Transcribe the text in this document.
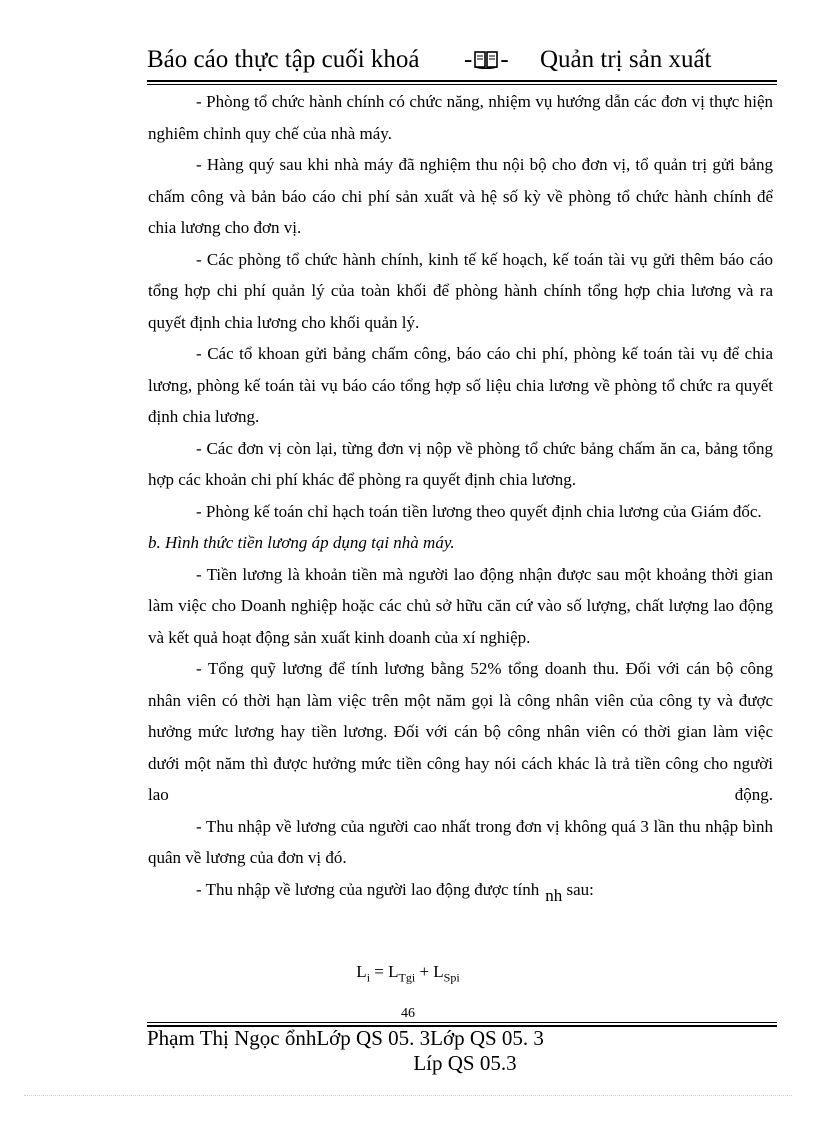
Báo cáo thực tập cuối khoá - - Quản trị sản xuất

- Phòng tổ chức hành chính có chức năng, nhiệm vụ hướng dẫn các đơn vị thực hiện nghiêm chỉnh quy chế của nhà máy.

- Hàng quý sau khi nhà máy đã nghiệm thu nội bộ cho đơn vị, tổ quản trị gửi bảng chấm công và bản báo cáo chi phí sản xuất và hệ số kỳ về phòng tổ chức hành chính để chia lương cho đơn vị.

- Các phòng tổ chức hành chính, kinh tế kế hoạch, kế toán tài vụ gửi thêm báo cáo tổng hợp chi phí quản lý của toàn khối để phòng hành chính tổng hợp chia lương và ra quyết định chia lương cho khối quản lý.

- Các tổ khoan gửi bảng chấm công, báo cáo chi phí, phòng kế toán tài vụ để chia lương, phòng kế toán tài vụ báo cáo tổng hợp số liệu chia lương về phòng tổ chức ra quyết định chia lương.

- Các đơn vị còn lại, từng đơn vị nộp về phòng tổ chức bảng chấm ăn ca, bảng tổng hợp các khoản chi phí khác để phòng ra quyết định chia lương.

- Phòng kế toán chỉ hạch toán tiền lương theo quyết định chia lương của Giám đốc.

b. Hình thức tiền lương áp dụng tại nhà máy.

- Tiền lương là khoản tiền mà người lao động nhận được sau một khoảng thời gian làm việc cho Doanh nghiệp hoặc các chủ sở hữu căn cứ vào số lượng, chất lượng lao động và kết quả hoạt động sản xuất kinh doanh của xí nghiệp.

- Tổng quỹ lương để tính lương bằng 52% tổng doanh thu. Đối với cán bộ công nhân viên có thời hạn làm việc trên một năm gọi là công nhân viên của công ty và được hưởng mức lương hay tiền lương. Đối với cán bộ công nhân viên có thời gian làm việc dưới một năm thì được hưởng mức tiền công hay nói cách khác là trả tiền công cho người lao động.

- Thu nhập về lương của người cao nhất trong đơn vị không quá 3 lần thu nhập bình quân về lương của đơn vị đó.

- Thu nhập về lương của người lao động được tính $_{nh}$ sau:

$L_i = L_{Tgi} + L_{Spi}$
46
Phạm Thị Ngọc ổnhLớp QS 05. 3Lớp QS 05. 3
Líp QS 05.3
